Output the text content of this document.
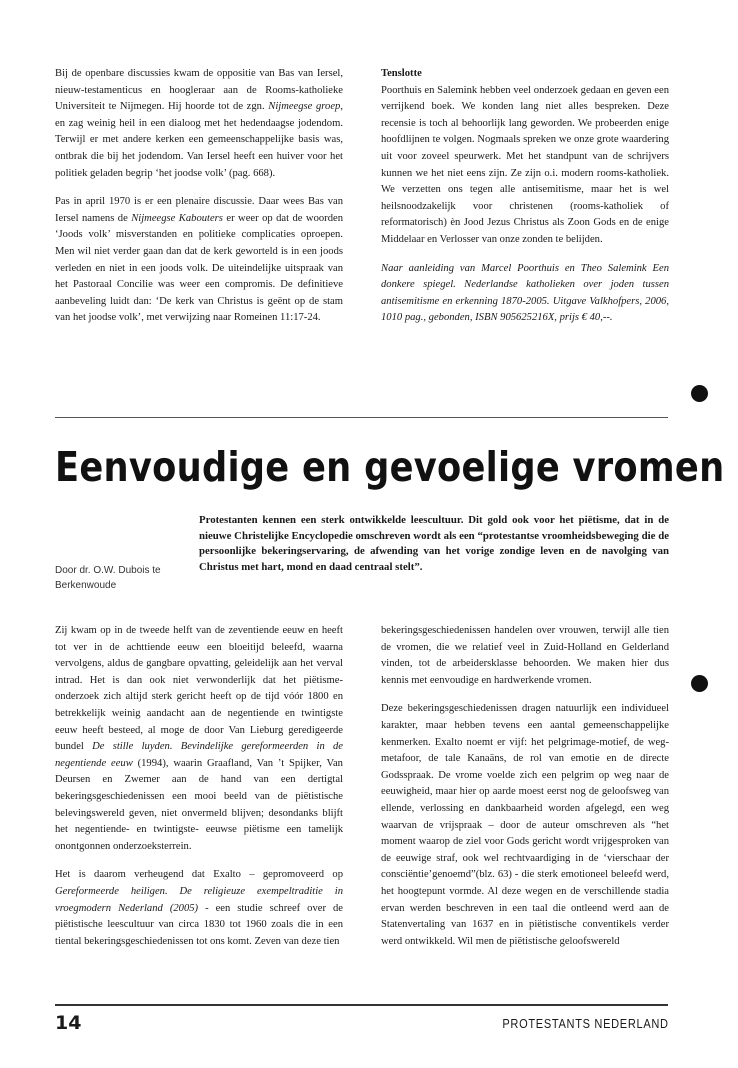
Bij de openbare discussies kwam de oppositie van Bas van Iersel, nieuw-testamenticus en hoogleraar aan de Rooms-katholieke Universiteit te Nijmegen. Hij hoorde tot de zgn. Nijmeegse groep, en zag weinig heil in een dialoog met het hedendaagse jodendom. Terwijl er met andere kerken een gemeenschappelijke basis was, ontbrak die bij het jodendom. Van Iersel heeft een huiver voor het politiek geladen begrip ‘het joodse volk’ (pag. 668).

Pas in april 1970 is er een plenaire discussie. Daar wees Bas van Iersel namens de Nijmeegse Kabouters er weer op dat de woorden ‘Joods volk’ misverstanden en politieke complicaties oproepen. Men wil niet verder gaan dan dat de kerk geworteld is in een joods verleden en niet in een joods volk. De uiteindelijke uitspraak van het Pastoraal Concilie was weer een compromis. De definitieve aanbeveling luidt dan: ‘De kerk van Christus is geënt op de stam van het joodse volk’, met verwijzing naar Romeinen 11:17-24.

Tenslotte

Poorthuis en Salemink hebben veel onderzoek gedaan en geven een verrijkend boek. We konden lang niet alles bespreken. Deze recensie is toch al behoorlijk lang geworden. We probeerden enige hoofdlijnen te volgen. Nogmaals spreken we onze grote waardering uit voor zoveel speurwerk. Met het standpunt van de schrijvers kunnen we het niet eens zijn. Ze zijn o.i. modern rooms-katholiek. We verzetten ons tegen alle antisemitisme, maar het is wel heilsnoodzakelijk voor christenen (rooms-katholiek of reformatorisch) èn Jood Jezus Christus als Zoon Gods en de enige Middelaar en Verlosser van onze zonden te belijden.

Naar aanleiding van Marcel Poorthuis en Theo Salemink Een donkere spiegel. Nederlandse katholieken over joden tussen antisemitisme en erkenning 1870-2005. Uitgave Valkhofpers, 2006, 1010 pag., gebonden, ISBN 905625216X, prijs € 40,--.

Eenvoudige en gevoelige vromen
Door dr. O.W. Dubois te Berkenwoude

Protestanten kennen een sterk ontwikkelde leescultuur. Dit gold ook voor het piëtisme, dat in de nieuwe Christelijke Encyclopedie omschreven wordt als een “protestantse vroomheidsbeweging die de persoonlijke bekeringservaring, de afwending van het vorige zondige leven en de navolging van Christus met hart, mond en daad centraal stelt”.

Zij kwam op in de tweede helft van de zeventiende eeuw en heeft tot ver in de achttiende eeuw een bloeitijd beleefd, waarna vervolgens, aldus de gangbare opvatting, geleidelijk aan het verval intrad. Het is dan ook niet verwonderlijk dat het piëtisme-onderzoek zich altijd sterk gericht heeft op de tijd vóór 1800 en betrekkelijk weinig aandacht aan de negentiende en twintigste eeuw heeft besteed, al moge de door Van Lieburg geredigeerde bundel De stille luyden. Bevindelijke gereformeerden in de negentiende eeuw (1994), waarin Graafland, Van ’t Spijker, Van Deursen en Zwemer aan de hand van een dertigtal bekeringsgeschiedenissen een mooi beeld van de piëtistische belevingswereld geven, niet onvermeld blijven; desondanks blijft het negentiende- en twintigste- eeuwse piëtisme een tamelijk onontgonnen onderzoeksterrein.

Het is daarom verheugend dat Exalto – gepromoveerd op Gereformeerde heiligen. De religieuze exempeltraditie in vroegmodern Nederland (2005) - een studie schreef over de piëtistische leescultuur van circa 1830 tot 1960 zoals die in een tiental bekeringsgeschiedenissen tot ons komt. Zeven van deze tien

bekeringsgeschiedenissen handelen over vrouwen, terwijl alle tien de vromen, die we relatief veel in Zuid-Holland en Gelderland vinden, tot de arbeidersklasse behoorden. We maken hier dus kennis met eenvoudige en hardwerkende vromen.

Deze bekeringsgeschiedenissen dragen natuurlijk een individueel karakter, maar hebben tevens een aantal gemeenschappelijke kenmerken. Exalto noemt er vijf: het pelgrimage-motief, de weg-metafoor, de tale Kanaäns, de rol van emotie en de directe Godsspraak. De vrome voelde zich een pelgrim op weg naar de eeuwigheid, maar hier op aarde moest eerst nog de geloofsweg van ellende, verlossing en dankbaarheid worden afgelegd, een weg waarvan de vrijspraak – door de auteur omschreven als “het moment waarop de ziel voor Gods gericht wordt vrijgesproken van de eeuwige straf, ook wel rechtvaardiging in de ‘vierschaar der consciëntie’genoemd”(blz. 63) - die sterk emotioneel beleefd werd, het hoogtepunt vormde. Al deze wegen en de verschillende stadia ervan werden beschreven in een taal die ontleend werd aan de Statenvertaling van 1637 en in piëtistische conventikels verder werd ontwikkeld. Wil men de piëtistische geloofswereld

14	PROTESTANTS NEDERLAND
